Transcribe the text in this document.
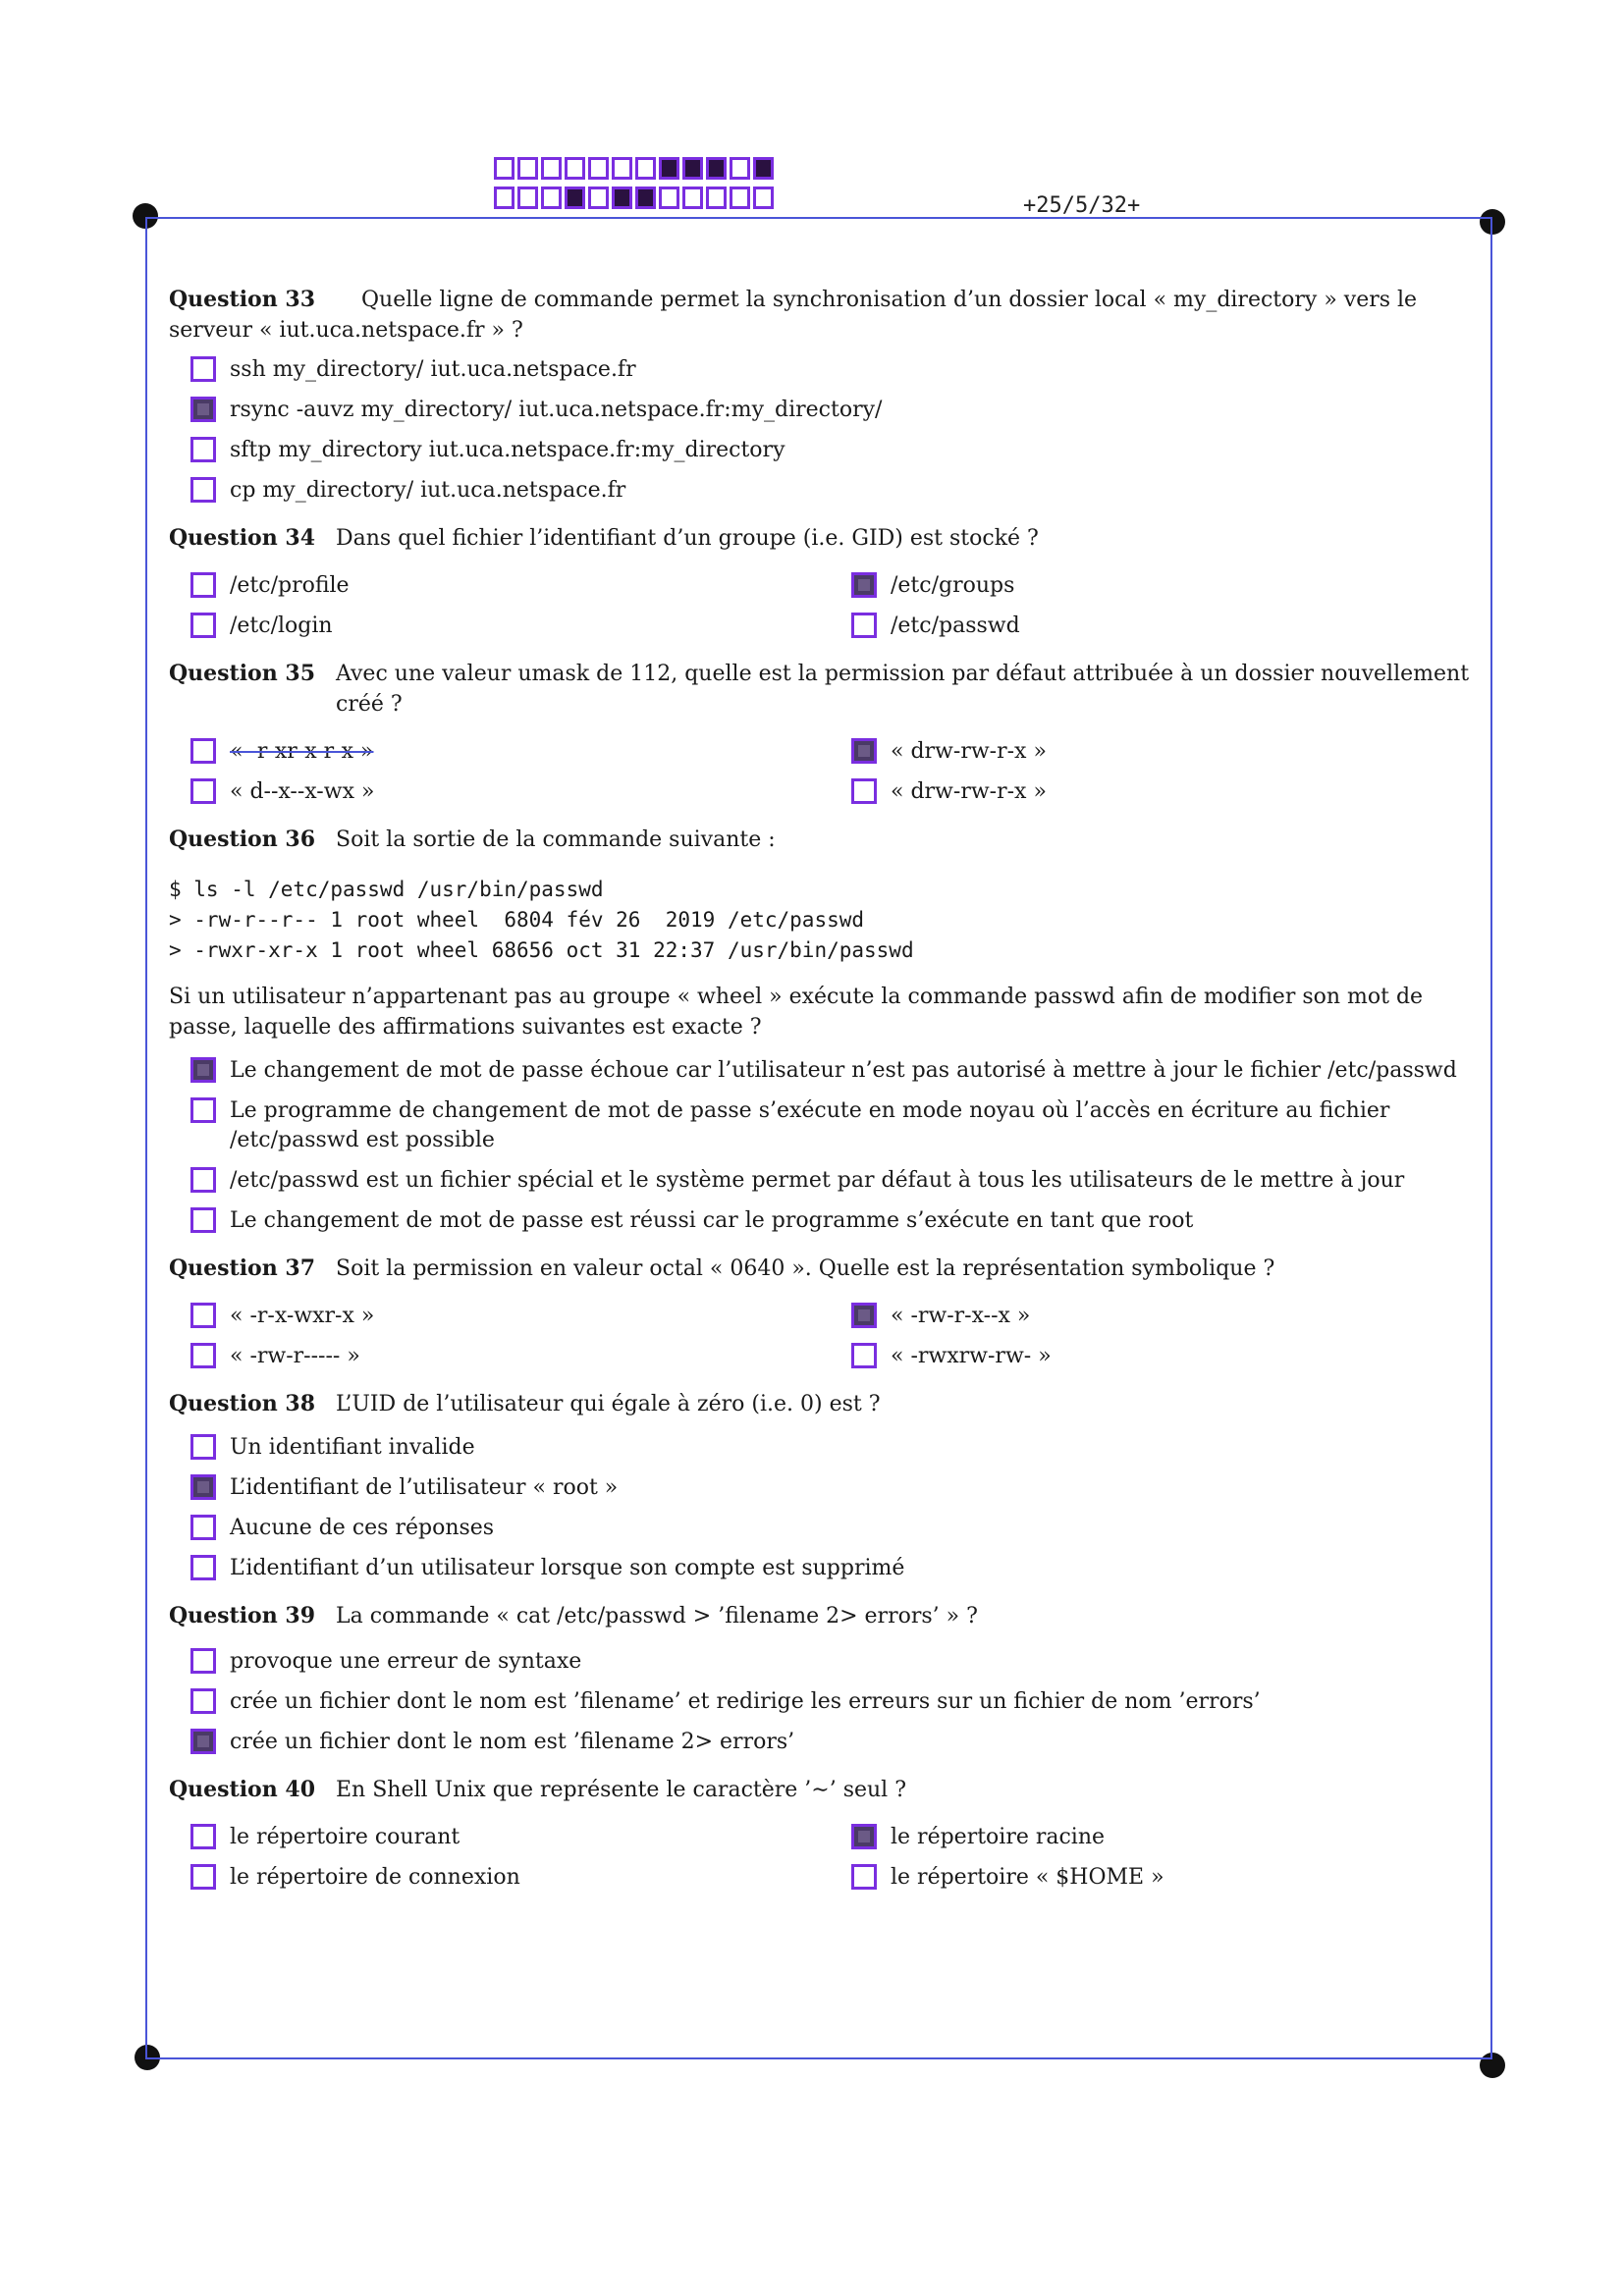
+25/5/32+
Question 33 Quelle ligne de commande permet la synchronisation d’un dossier local « my_directory » vers le serveur « iut.uca.netspace.fr » ?
ssh my_directory/ iut.uca.netspace.fr
rsync -auvz my_directory/ iut.uca.netspace.fr:my_directory/
sftp my_directory iut.uca.netspace.fr:my_directory
cp my_directory/ iut.uca.netspace.fr
Question 34 Dans quel fichier l’identifiant d’un groupe (i.e. GID) est stocké ?
/etc/profile	/etc/groups
/etc/login	/etc/passwd
Question 35 Avec une valeur umask de 112, quelle est la permission par défaut attribuée à un dossier nouvellement créé ?
« -r-xr-x-r-x »	« drw-rw-r-x »
« d--x--x-wx »	« drw-rw-r-x »
Question 36 Soit la sortie de la commande suivante :
$ ls -l /etc/passwd /usr/bin/passwd
> -rw-r--r-- 1 root wheel  6804 fév 26  2019 /etc/passwd
> -rwxr-xr-x 1 root wheel 68656 oct 31 22:37 /usr/bin/passwd
Si un utilisateur n’appartenant pas au groupe « wheel » exécute la commande passwd afin de modifier son mot de passe, laquelle des affirmations suivantes est exacte ?
Le changement de mot de passe échoue car l’utilisateur n’est pas autorisé à mettre à jour le fichier /etc/passwd
Le programme de changement de mot de passe s’exécute en mode noyau où l’accès en écriture au fichier /etc/passwd est possible
/etc/passwd est un fichier spécial et le système permet par défaut à tous les utilisateurs de le mettre à jour
Le changement de mot de passe est réussi car le programme s’exécute en tant que root
Question 37 Soit la permission en valeur octal « 0640 ». Quelle est la représentation symbolique ?
« -r-x-wxr-x »	« -rw-r-x--x »
« -rw-r----- »	« -rwxrw-rw- »
Question 38 L’UID de l’utilisateur qui égale à zéro (i.e. 0) est ?
Un identifiant invalide
L’identifiant de l’utilisateur « root »
Aucune de ces réponses
L’identifiant d’un utilisateur lorsque son compte est supprimé
Question 39 La commande « cat /etc/passwd > ’filename 2> errors’ » ?
provoque une erreur de syntaxe
crée un fichier dont le nom est ’filename’ et redirige les erreurs sur un fichier de nom ’errors’
crée un fichier dont le nom est ’filename 2> errors’
Question 40 En Shell Unix que représente le caractère ’∼’ seul ?
le répertoire courant	le répertoire racine
le répertoire de connexion	le répertoire « $HOME »
